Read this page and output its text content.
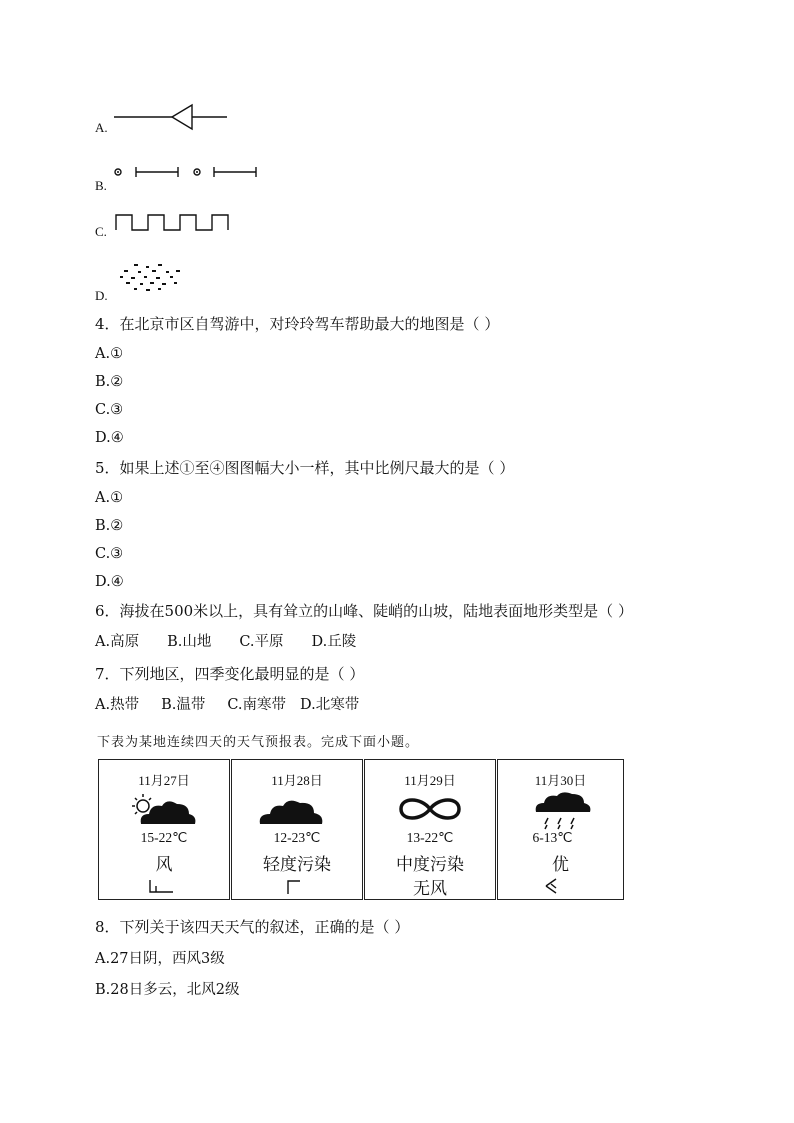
A.
B.
C.
D.
4．在北京市区自驾游中，对玲玲驾车帮助最大的地图是（ ）
A.①
B.②
C.③
D.④
5．如果上述①至④图图幅大小一样，其中比例尺最大的是（ ）
A.①
B.②
C.③
D.④
6．海拔在500米以上，具有耸立的山峰、陡峭的山坡，陆地表面地形类型是（ ）
A.高原 B.山地 C.平原 D.丘陵
7．下列地区，四季变化最明显的是（ ）
A.热带 B.温带 C.南寒带 D.北寒带
下表为某地连续四天的天气预报表。完成下面小题。
11月27日
15-22℃
风
11月28日
12-23℃
轻度污染
11月29日
13-22℃
中度污染
无风
11月30日
6-13℃
优
8．下列关于该四天天气的叙述，正确的是（ ）
A.27日阴，西风3级
B.28日多云，北风2级
